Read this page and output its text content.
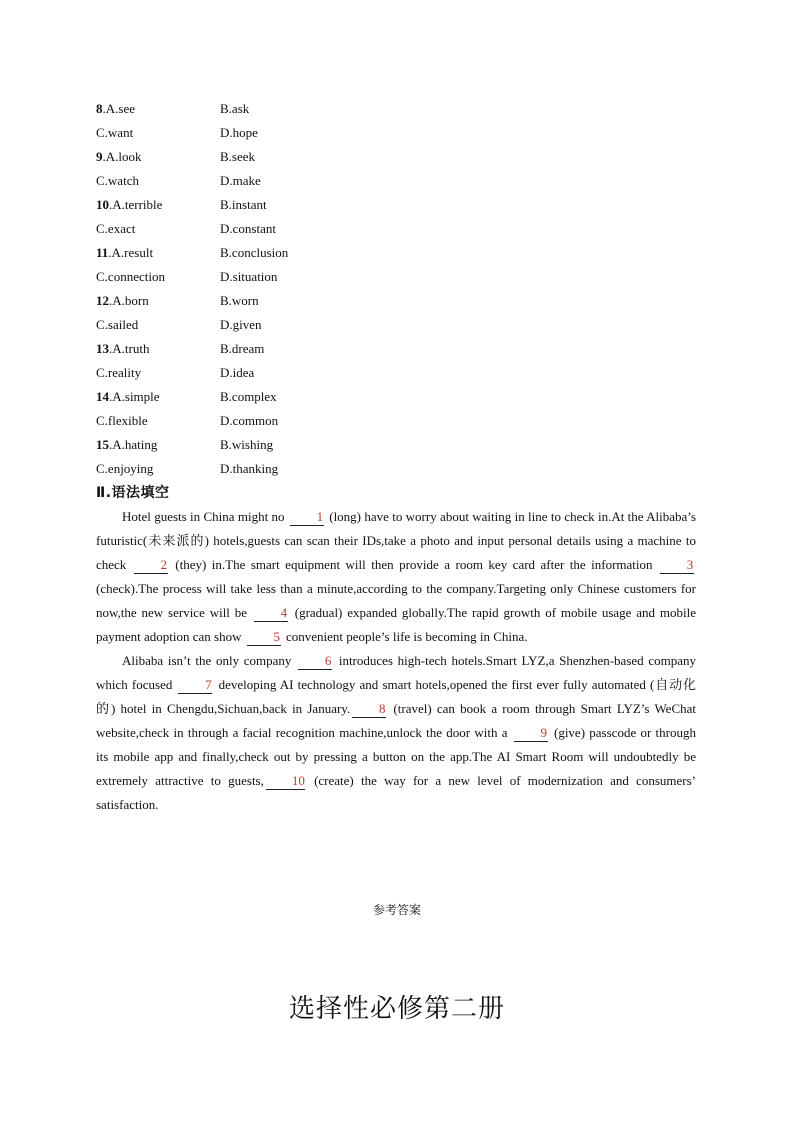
8.A.see	B.ask
C.want	D.hope
9.A.look	B.seek
C.watch	D.make
10.A.terrible	B.instant
C.exact	D.constant
11.A.result	B.conclusion
C.connection	D.situation
12.A.born	B.worn
C.sailed	D.given
13.A.truth	B.dream
C.reality	D.idea
14.A.simple	B.complex
C.flexible	D.common
15.A.hating	B.wishing
C.enjoying	D.thanking
Ⅱ.语法填空

Hotel guests in China might no 1 (long) have to worry about waiting in line to check in.At the Alibaba’s futuristic(未来派的) hotels,guests can scan their IDs,take a photo and input personal details using a machine to check 2 (they) in.The smart equipment will then provide a room key card after the information 3 (check).The process will take less than a minute,according to the company.Targeting only Chinese customers for now,the new service will be 4 (gradual) expanded globally.The rapid growth of mobile usage and mobile payment adoption can show 5 convenient people’s life is becoming in China.

Alibaba isn’t the only company 6 introduces high-tech hotels.Smart LYZ,a Shenzhen-based company which focused 7 developing AI technology and smart hotels,opened the first ever fully automated (自动化的) hotel in Chengdu,Sichuan,back in January. 8 (travel) can book a room through Smart LYZ’s WeChat website,check in through a facial recognition machine,unlock the door with a 9 (give) passcode or through its mobile app and finally,check out by pressing a button on the app.The AI Smart Room will undoubtedly be extremely attractive to guests, 10 (create) the way for a new level of modernization and consumers’ satisfaction.

参考答案
选择性必修第二册
